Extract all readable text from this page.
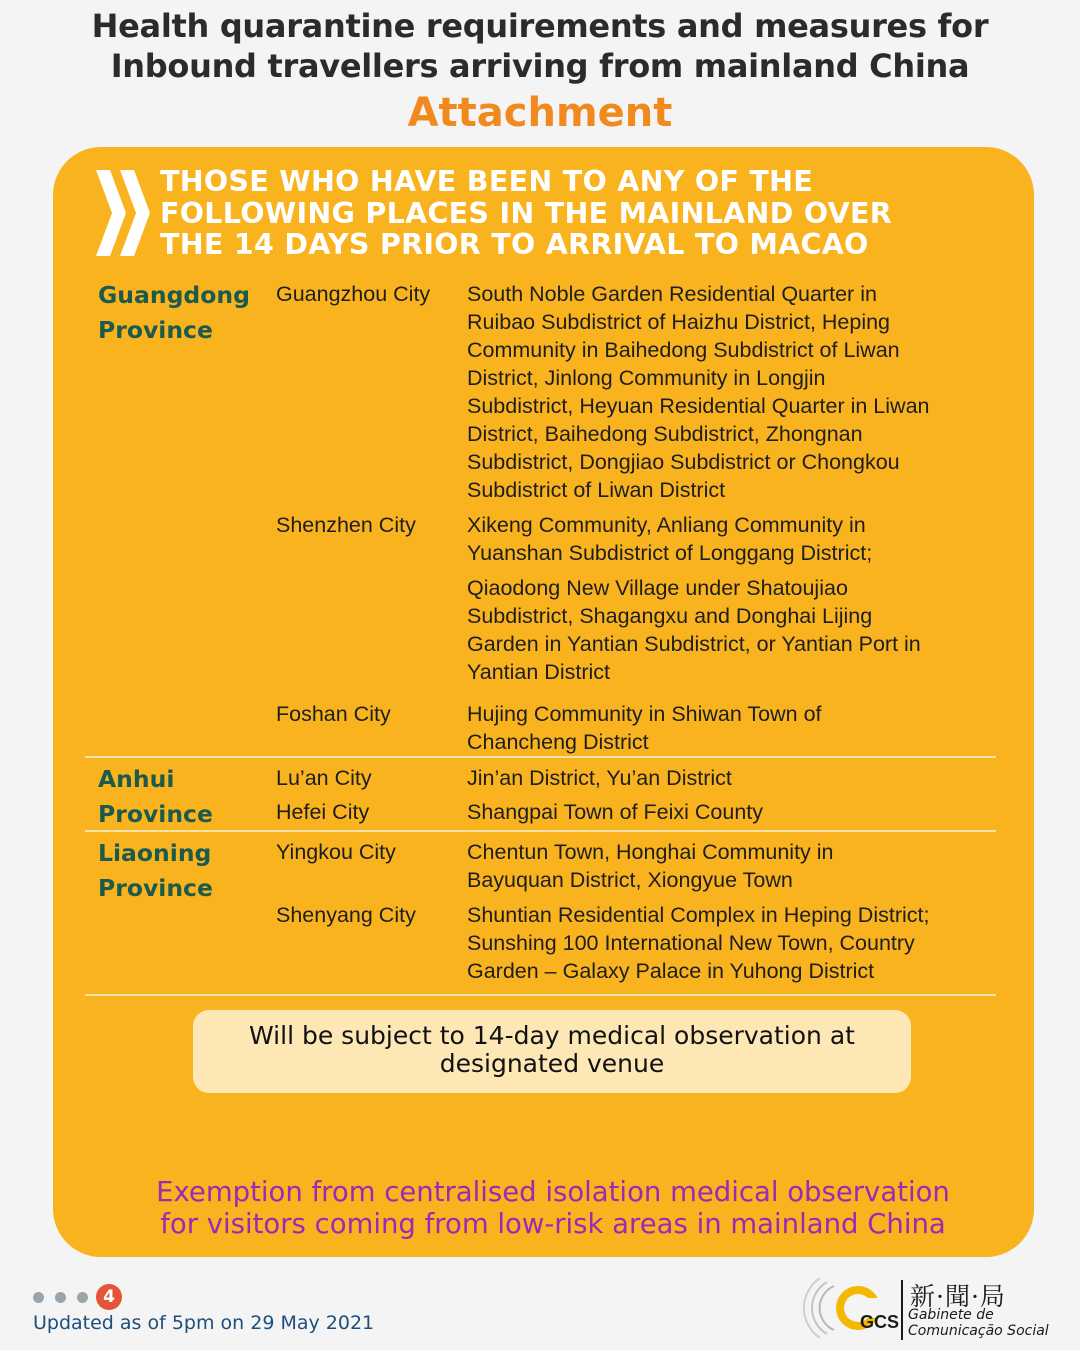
Health quarantine requirements and measures for
Inbound travellers arriving from mainland China
Attachment
THOSE WHO HAVE BEEN TO ANY OF THE
FOLLOWING PLACES IN THE MAINLAND OVER
THE 14 DAYS PRIOR TO ARRIVAL TO MACAO
Guangdong
Province
Guangzhou City South Noble Garden Residential Quarter in
Ruibao Subdistrict of Haizhu District, Heping
Community in Baihedong Subdistrict of Liwan
District, Jinlong Community in Longjin
Subdistrict, Heyuan Residential Quarter in Liwan
District, Baihedong Subdistrict, Zhongnan
Subdistrict, Dongjiao Subdistrict or Chongkou
Subdistrict of Liwan District
Shenzhen City Xikeng Community, Anliang Community in
Yuanshan Subdistrict of Longgang District;
Qiaodong New Village under Shatoujiao
Subdistrict, Shagangxu and Donghai Lijing
Garden in Yantian Subdistrict, or Yantian Port in
Yantian District
Foshan City	Hujing Community in Shiwan Town of
Chancheng District
Anhui
Province
Lu’an City	Jin’an District, Yu’an District
Hefei City	Shangpai Town of Feixi County
Liaoning
Province
Yingkou City	Chentun Town, Honghai Community in
Bayuquan District, Xiongyue Town
Shenyang City Shuntian Residential Complex in Heping District;
Sunshing 100 International New Town, Country
Garden – Galaxy Palace in Yuhong District
Will be subject to 14-day medical observation at
designated venue
Exemption from centralised isolation medical observation
for visitors coming from low-risk areas in mainland China
4
Updated as of 5pm on 29 May 2021	GCS
新·聞·局
Gabinete de
Comunicação Social
